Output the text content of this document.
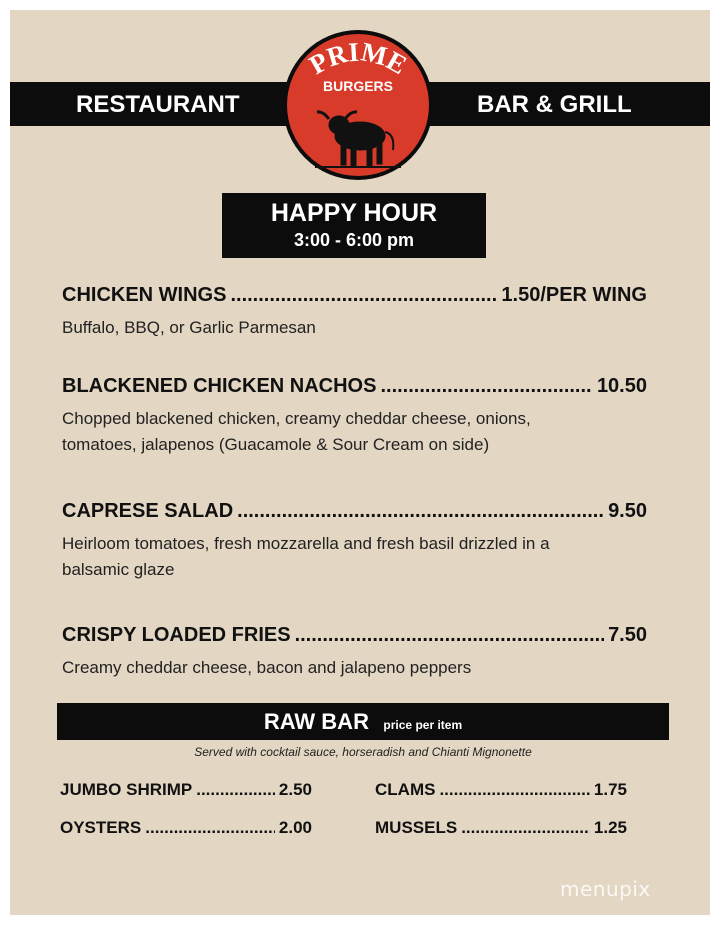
RESTAURANT	BAR & GRILL
PRIME
BURGERS
HAPPY HOUR
3:00 - 6:00 pm
CHICKEN WINGS .....	1.50/PER WING
Buffalo, BBQ, or Garlic Parmesan
BLACKENED CHICKEN NACHOS .....	10.50
Chopped blackened chicken, creamy cheddar cheese, onions, tomatoes, jalapenos (Guacamole & Sour Cream on side)
CAPRESE SALAD .....	9.50
Heirloom tomatoes, fresh mozzarella and fresh basil drizzled in a balsamic glaze
CRISPY LOADED FRIES .....	7.50
Creamy cheddar cheese, bacon and jalapeno peppers
RAW BAR price per item
Served with cocktail sauce, horseradish and Chianti Mignonette
JUMBO SHRIMP .....	2.50	CLAMS .....	1.75
OYSTERS .....	2.00	MUSSELS .....	1.25
menupix
